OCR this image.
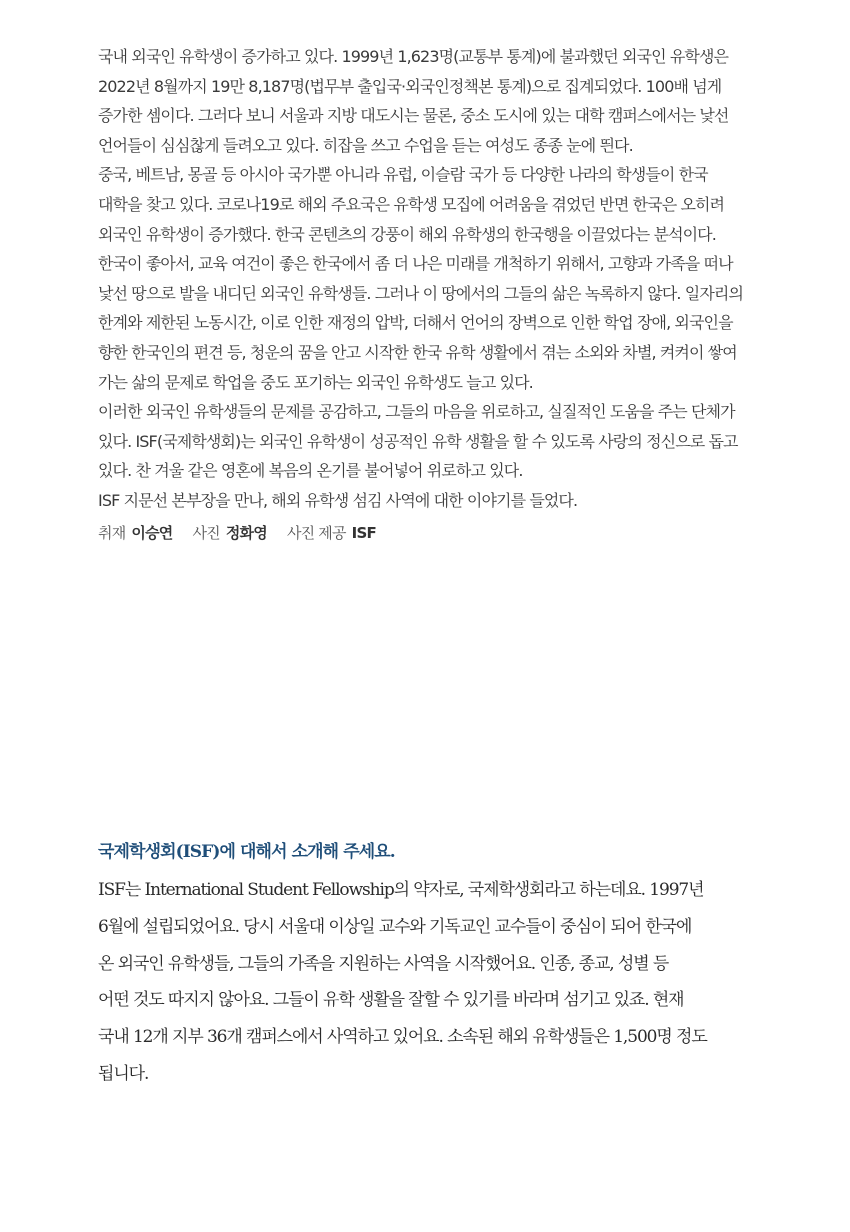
국내 외국인 유학생이 증가하고 있다. 1999년 1,623명(교통부 통계)에 불과했던 외국인 유학생은
2022년 8월까지 19만 8,187명(법무부 출입국·외국인정책본 통계)으로 집계되었다. 100배 넘게
증가한 셈이다. 그러다 보니 서울과 지방 대도시는 물론, 중소 도시에 있는 대학 캠퍼스에서는 낯선
언어들이 심심찮게 들려오고 있다. 히잡을 쓰고 수업을 듣는 여성도 종종 눈에 띈다.

중국, 베트남, 몽골 등 아시아 국가뿐 아니라 유럽, 이슬람 국가 등 다양한 나라의 학생들이 한국
대학을 찾고 있다. 코로나19로 해외 주요국은 유학생 모집에 어려움을 겪었던 반면 한국은 오히려
외국인 유학생이 증가했다. 한국 콘텐츠의 강풍이 해외 유학생의 한국행을 이끌었다는 분석이다.

한국이 좋아서, 교육 여건이 좋은 한국에서 좀 더 나은 미래를 개척하기 위해서, 고향과 가족을 떠나
낯선 땅으로 발을 내디딘 외국인 유학생들. 그러나 이 땅에서의 그들의 삶은 녹록하지 않다. 일자리의
한계와 제한된 노동시간, 이로 인한 재정의 압박, 더해서 언어의 장벽으로 인한 학업 장애, 외국인을
향한 한국인의 편견 등, 청운의 꿈을 안고 시작한 한국 유학 생활에서 겪는 소외와 차별, 켜켜이 쌓여
가는 삶의 문제로 학업을 중도 포기하는 외국인 유학생도 늘고 있다.

이러한 외국인 유학생들의 문제를 공감하고, 그들의 마음을 위로하고, 실질적인 도움을 주는 단체가
있다. ISF(국제학생회)는 외국인 유학생이 성공적인 유학 생활을 할 수 있도록 사랑의 정신으로 돕고
있다. 찬 겨울 같은 영혼에 복음의 온기를 불어넣어 위로하고 있다.

ISF 지문선 본부장을 만나, 해외 유학생 섬김 사역에 대한 이야기를 들었다.

취재 이승연 사진 정화영 사진 제공 ISF
국제학생회(ISF)에 대해서 소개해 주세요.

ISF는 International Student Fellowship의 약자로, 국제학생회라고 하는데요. 1997년
6월에 설립되었어요. 당시 서울대 이상일 교수와 기독교인 교수들이 중심이 되어 한국에
온 외국인 유학생들, 그들의 가족을 지원하는 사역을 시작했어요. 인종, 종교, 성별 등
어떤 것도 따지지 않아요. 그들이 유학 생활을 잘할 수 있기를 바라며 섬기고 있죠. 현재
국내 12개 지부 36개 캠퍼스에서 사역하고 있어요. 소속된 해외 유학생들은 1,500명 정도
됩니다.
